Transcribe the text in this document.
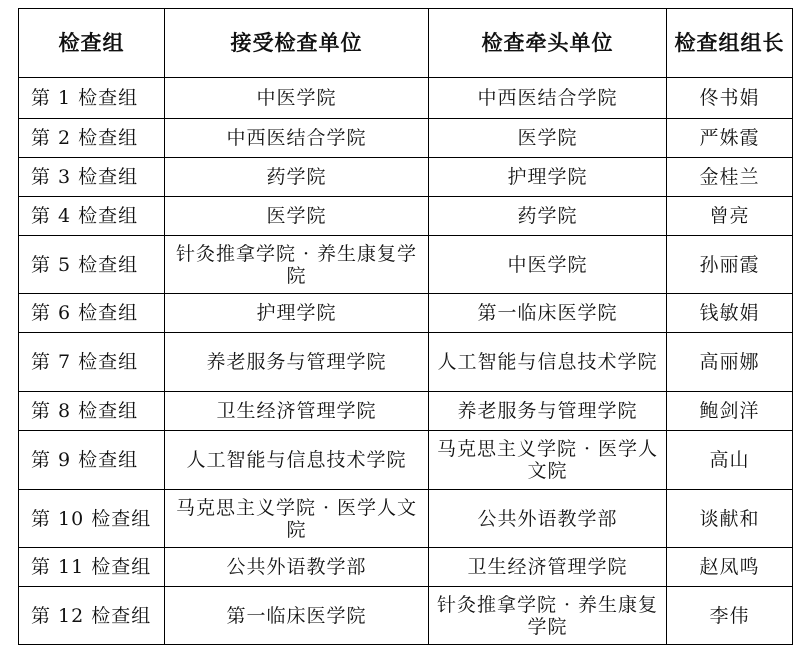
检查组	接受检查单位	检查牵头单位	检查组组长
第 1 检查组	中医学院	中西医结合学院	佟书娟
第 2 检查组	中西医结合学院	医学院	严姝霞
第 3 检查组	药学院	护理学院	金桂兰
第 4 检查组	医学院	药学院	曾亮
第 5 检查组	针灸推拿学院 · 养生康复学院	中医学院	孙丽霞
第 6 检查组	护理学院	第一临床医学院	钱敏娟
第 7 检查组	养老服务与管理学院	人工智能与信息技术学院	高丽娜
第 8 检查组	卫生经济管理学院	养老服务与管理学院	鲍剑洋
第 9 检查组	人工智能与信息技术学院	马克思主义学院 · 医学人文院	高山
第 10 检查组	马克思主义学院 · 医学人文院	公共外语教学部	谈献和
第 11 检查组	公共外语教学部	卫生经济管理学院	赵凤鸣
第 12 检查组	第一临床医学院	针灸推拿学院 · 养生康复学院	李伟
